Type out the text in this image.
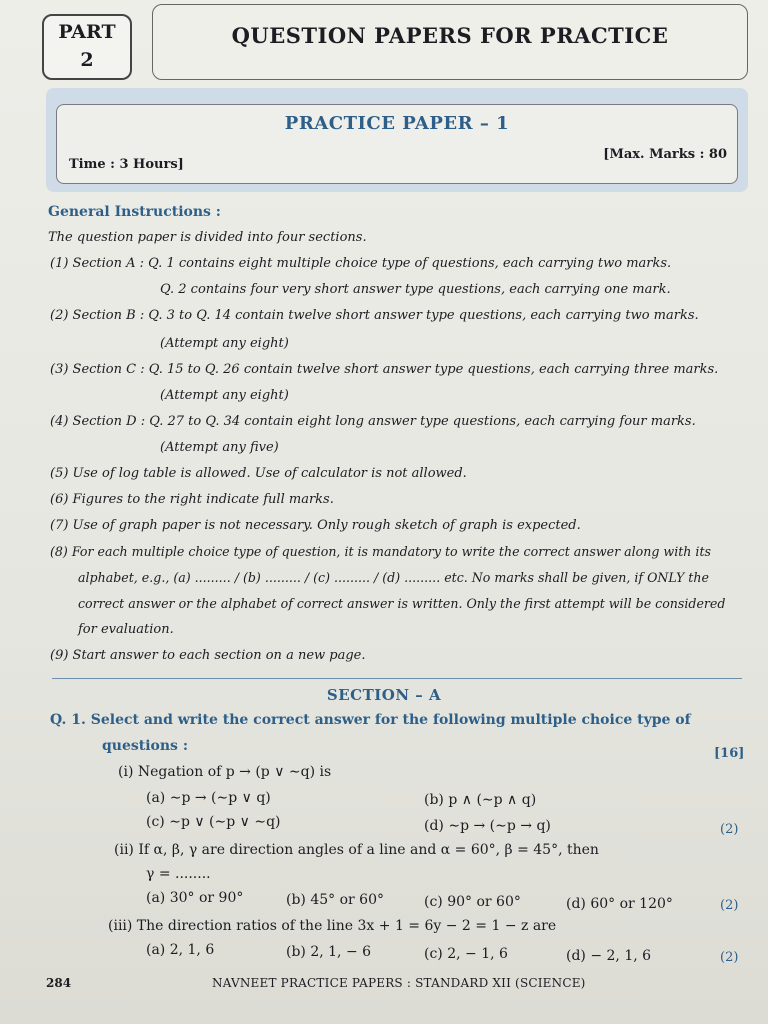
PART
2
QUESTION PAPERS FOR PRACTICE
PRACTICE PAPER – 1
Time : 3 Hours]
[Max. Marks : 80
General Instructions :
The question paper is divided into four sections.
(1) Section A : Q. 1 contains eight multiple choice type of questions, each carrying two marks.
Q. 2 contains four very short answer type questions, each carrying one mark.
(2) Section B : Q. 3 to Q. 14 contain twelve short answer type questions, each carrying two marks.
(Attempt any eight)
(3) Section C : Q. 15 to Q. 26 contain twelve short answer type questions, each carrying three marks.
(Attempt any eight)
(4) Section D : Q. 27 to Q. 34 contain eight long answer type questions, each carrying four marks.
(Attempt any five)
(5) Use of log table is allowed. Use of calculator is not allowed.
(6) Figures to the right indicate full marks.
(7) Use of graph paper is not necessary. Only rough sketch of graph is expected.
(8) For each multiple choice type of question, it is mandatory to write the correct answer along with its
alphabet, e.g., (a) ......... / (b) ......... / (c) ......... / (d) ......... etc. No marks shall be given, if ONLY the
correct answer or the alphabet of correct answer is written. Only the first attempt will be considered
for evaluation.
(9) Start answer to each section on a new page.
SECTION – A
Q. 1. Select and write the correct answer for the following multiple choice type of
questions :	[16]
(i) Negation of p → (p ∨ ∼q) is
(a) ∼p → (∼p ∨ q)	(b) p ∧ (∼p ∧ q)
(c) ∼p ∨ (∼p ∨ ∼q)	(d) ∼p → (∼p → q)	(2)
(ii) If α, β, γ are direction angles of a line and α = 60°, β = 45°, then
γ = ........
(a) 30° or 90°	(b) 45° or 60°	(c) 90° or 60°	(d) 60° or 120°	(2)
(iii) The direction ratios of the line 3x + 1 = 6y − 2 = 1 − z are
(a) 2, 1, 6	(b) 2, 1, − 6	(c) 2, − 1, 6	(d) − 2, 1, 6	(2)
284	NAVNEET PRACTICE PAPERS : STANDARD XII (SCIENCE)
